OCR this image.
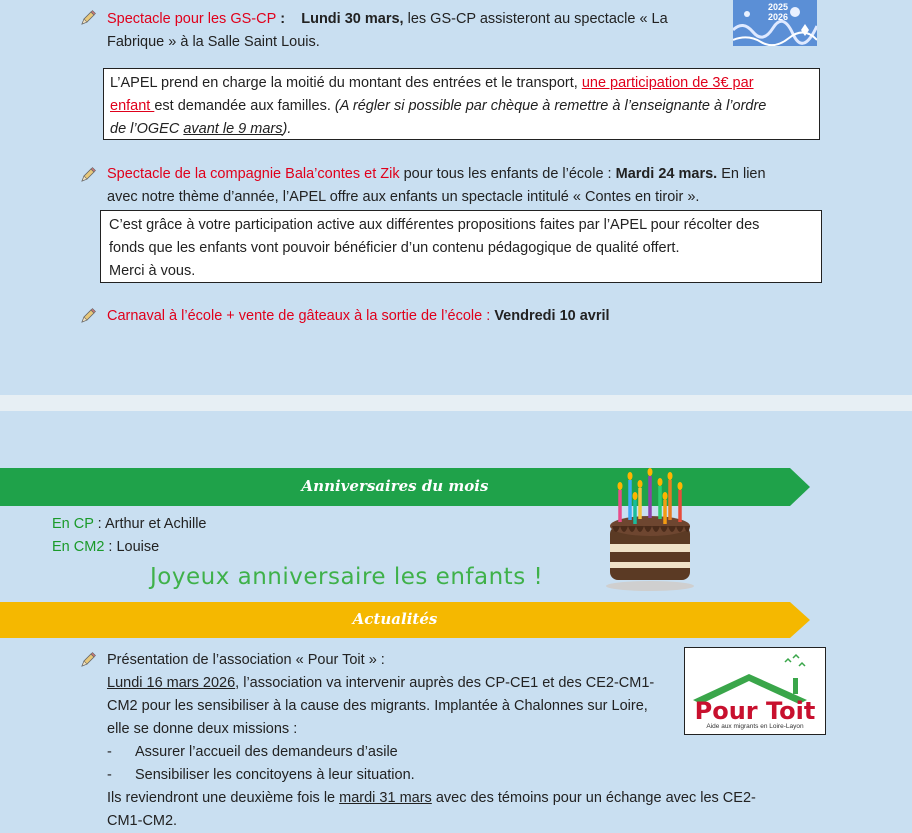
Spectacle pour les GS-CP :    Lundi 30 mars, les GS-CP assisteront au spectacle « La
Fabrique » à la Salle Saint Louis.
2025 2026
L’APEL prend en charge la moitié du montant des entrées et le transport, une participation de 3€ par
enfant est demandée aux familles. (A régler si possible par chèque à remettre à l’enseignante à l’ordre
de l’OGEC avant le 9 mars).
Spectacle de la compagnie Bala’contes et Zik pour tous les enfants de l’école : Mardi 24 mars. En lien
avec notre thème d’année, l’APEL offre aux enfants un spectacle intitulé « Contes en tiroir ».
C’est grâce à votre participation active aux différentes propositions faites par l’APEL pour récolter des
fonds que les enfants vont pouvoir bénéficier d’un contenu pédagogique de qualité offert.
Merci à vous.
Carnaval à l’école + vente de gâteaux à la sortie de l’école : Vendredi 10 avril
Anniversaires du mois
En CP : Arthur et Achille
En CM2 : Louise
Joyeux anniversaire les enfants !
Actualités
Présentation de l’association « Pour Toit » :
Lundi 16 mars 2026, l’association va intervenir auprès des CP-CE1 et des CE2-CM1-
CM2 pour les sensibiliser à la cause des migrants. Implantée à Chalonnes sur Loire,
elle se donne deux missions :
- Assurer l’accueil des demandeurs d’asile
- Sensibiliser les concitoyens à leur situation.
Ils reviendront une deuxième fois le mardi 31 mars avec des témoins pour un échange avec les CE2-
CM1-CM2.
Pour Toit
Aide aux migrants en Loire-Layon
